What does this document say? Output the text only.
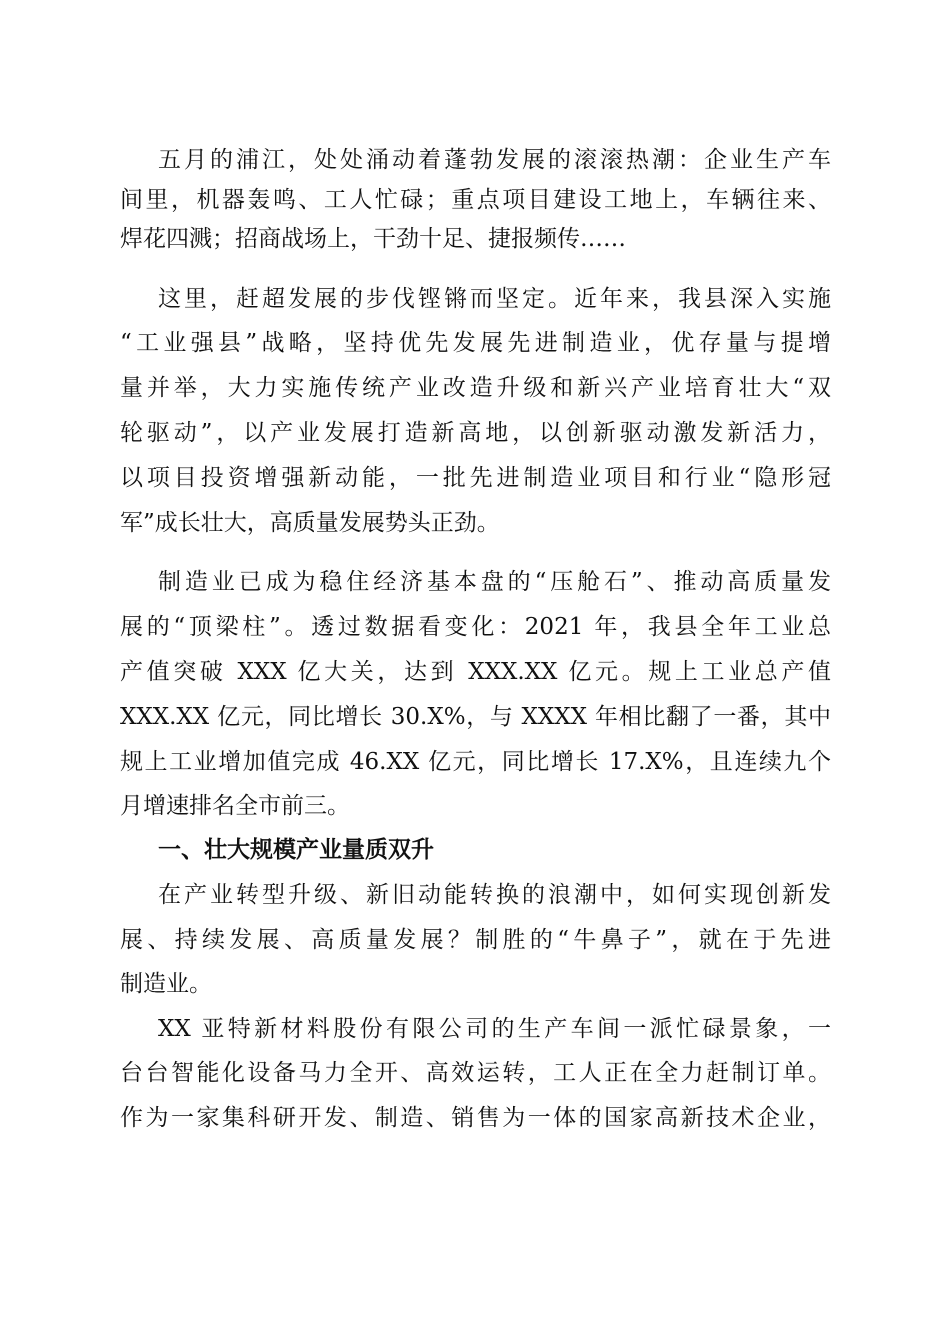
五月的浦江，处处涌动着蓬勃发展的滚滚热潮：企业生产车
间里，机器轰鸣、工人忙碌；重点项目建设工地上，车辆往来、
焊花四溅；招商战场上，干劲十足、捷报频传……
这里，赶超发展的步伐铿锵而坚定。近年来，我县深入实施
“工业强县”战略，坚持优先发展先进制造业，优存量与提增
量并举，大力实施传统产业改造升级和新兴产业培育壮大“双
轮驱动”，以产业发展打造新高地，以创新驱动激发新活力，
以项目投资增强新动能，一批先进制造业项目和行业“隐形冠
军”成长壮大，高质量发展势头正劲。
制造业已成为稳住经济基本盘的“压舱石”、推动高质量发
展的“顶梁柱”。透过数据看变化：2021 年，我县全年工业总
产值突破 XXX 亿大关，达到 XXX.XX 亿元。规上工业总产值
XXX.XX 亿元，同比增长 30.X%，与 XXXX 年相比翻了一番，其中
规上工业增加值完成 46.XX 亿元，同比增长 17.X%，且连续九个
月增速排名全市前三。
一、壮大规模产业量质双升
在产业转型升级、新旧动能转换的浪潮中，如何实现创新发
展、持续发展、高质量发展？制胜的“牛鼻子”，就在于先进
制造业。
XX 亚特新材料股份有限公司的生产车间一派忙碌景象，一
台台智能化设备马力全开、高效运转，工人正在全力赶制订单。
作为一家集科研开发、制造、销售为一体的国家高新技术企业，
